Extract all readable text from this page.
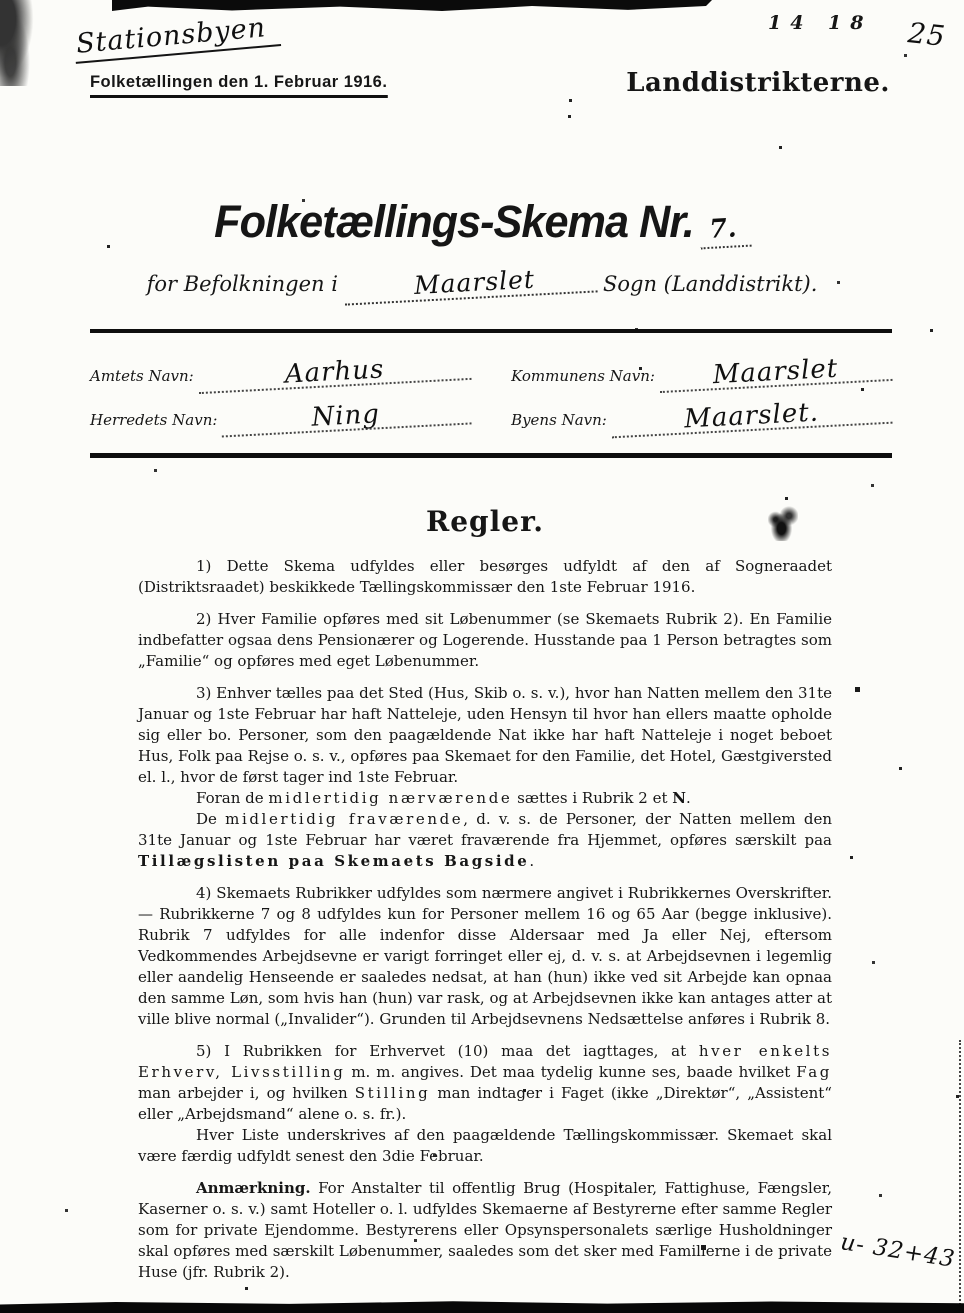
Stationsbyen
Folketællingen den 1. Februar 1916.
14 18 25
Landdistrikterne.
Folketællings-Skema Nr. 7.
for Befolkningen i	Maarslet	Sogn (Landdistrikt).
Amtets Navn:	Aarhus	Kommunens Navn:	Maarslet
Herredets Navn:	Ning	Byens Navn:	Maarslet.
Regler.

1) Dette Skema udfyldes eller besørges udfyldt af den af Sogneraadet (Distriktsraadet) beskikkede Tællingskommissær den 1ste Februar 1916.

2) Hver Familie opføres med sit Løbenummer (se Skemaets Rubrik 2). En Familie indbefatter ogsaa dens Pensionærer og Logerende. Husstande paa 1 Person betragtes som „Familie“ og opføres med eget Løbenummer.

3) Enhver tælles paa det Sted (Hus, Skib o. s. v.), hvor han Natten mellem den 31te Januar og 1ste Februar har haft Natteleje, uden Hensyn til hvor han ellers maatte opholde sig eller bo. Personer, som den paagældende Nat ikke har haft Natteleje i noget beboet Hus, Folk paa Rejse o. s. v., opføres paa Skemaet for den Familie, det Hotel, Gæstgiversted el. l., hvor de først tager ind 1ste Februar.

Foran de midlertidig nærværende sættes i Rubrik 2 et N.

De midlertidig fraværende, d. v. s. de Personer, der Natten mellem den 31te Januar og 1ste Februar har været fraværende fra Hjemmet, opføres særskilt paa Tillægslisten paa Skemaets Bagside.

4) Skemaets Rubrikker udfyldes som nærmere angivet i Rubrikkernes Overskrifter. — Rubrikkerne 7 og 8 udfyldes kun for Personer mellem 16 og 65 Aar (begge inklusive). Rubrik 7 udfyldes for alle indenfor disse Aldersaar med Ja eller Nej, eftersom Vedkommendes Arbejdsevne er varigt forringet eller ej, d. v. s. at Arbejdsevnen i legemlig eller aandelig Henseende er saaledes nedsat, at han (hun) ikke ved sit Arbejde kan opnaa den samme Løn, som hvis han (hun) var rask, og at Arbejdsevnen ikke kan antages atter at ville blive normal („Invalider“). Grunden til Arbejdsevnens Nedsættelse anføres i Rubrik 8.

5) I Rubrikken for Erhvervet (10) maa det iagttages, at hver enkelts Erhverv, Livsstilling m. m. angives. Det maa tydelig kunne ses, baade hvilket Fag man arbejder i, og hvilken Stilling man indtager i Faget (ikke „Direktør“, „Assistent“ eller „Arbejdsmand“ alene o. s. fr.).

Hver Liste underskrives af den paagældende Tællingskommissær. Skemaet skal være færdig udfyldt senest den 3die Februar.

Anmærkning. For Anstalter til offentlig Brug (Hospitaler, Fattighuse, Fængsler, Kaserner o. s. v.) samt Hoteller o. l. udfyldes Skemaerne af Bestyrerne efter samme Regler som for private Ejendomme. Bestyrerens eller Opsynspersonalets særlige Husholdninger skal opføres med særskilt Løbenummer, saaledes som det sker med Familierne i de private Huse (jfr. Rubrik 2).	u- 32+43
